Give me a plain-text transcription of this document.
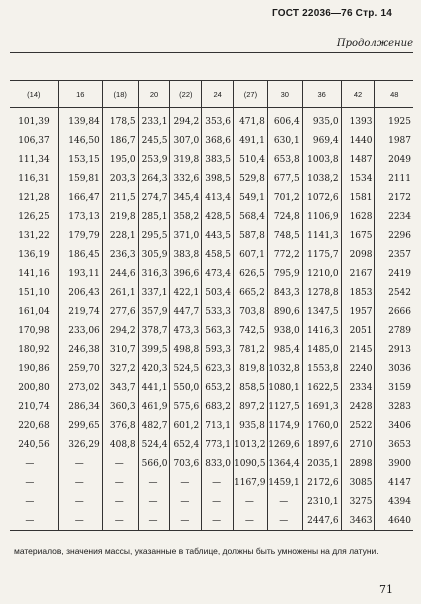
ГОСТ 22036—76 Стр. 14
Продолжение
(14)	16	(18)	20	(22)	24	(27)	30	36	42	48
101,39	139,84	178,5	233,1	294,2	353,6	471,8	606,4	935,0	1393	1925
106,37	146,50	186,7	245,5	307,0	368,6	491,1	630,1	969,4	1440	1987
111,34	153,15	195,0	253,9	319,8	383,5	510,4	653,8	1003,8	1487	2049
116,31	159,81	203,3	264,3	332,6	398,5	529,8	677,5	1038,2	1534	2111
121,28	166,47	211,5	274,7	345,4	413,4	549,1	701,2	1072,6	1581	2172
126,25	173,13	219,8	285,1	358,2	428,5	568,4	724,8	1106,9	1628	2234
131,22	179,79	228,1	295,5	371,0	443,5	587,8	748,5	1141,3	1675	2296
136,19	186,45	236,3	305,9	383,8	458,5	607,1	772,2	1175,7	2098	2357
141,16	193,11	244,6	316,3	396,6	473,4	626,5	795,9	1210,0	2167	2419
151,10	206,43	261,1	337,1	422,1	503,4	665,2	843,3	1278,8	1853	2542
161,04	219,74	277,6	357,9	447,7	533,3	703,8	890,6	1347,5	1957	2666
170,98	233,06	294,2	378,7	473,3	563,3	742,5	938,0	1416,3	2051	2789
180,92	246,38	310,7	399,5	498,8	593,3	781,2	985,4	1485,0	2145	2913
190,86	259,70	327,2	420,3	524,5	623,3	819,8	1032,8	1553,8	2240	3036
200,80	273,02	343,7	441,1	550,0	653,2	858,5	1080,1	1622,5	2334	3159
210,74	286,34	360,3	461,9	575,6	683,2	897,2	1127,5	1691,3	2428	3283
220,68	299,65	376,8	482,7	601,2	713,1	935,8	1174,9	1760,0	2522	3406
240,56	326,29	408,8	524,4	652,4	773,1	1013,2	1269,6	1897,6	2710	3653
—	—	—	566,0	703,6	833,0	1090,5	1364,4	2035,1	2898	3900
—	—	—	—	—	—	1167,9	1459,1	2172,6	3085	4147
—	—	—	—	—	—	—	—	2310,1	3275	4394
—	—	—	—	—	—	—	—	2447,6	3463	4640
материалов, значения массы, указанные в таблице, должны быть умножены на для латуни.
71
